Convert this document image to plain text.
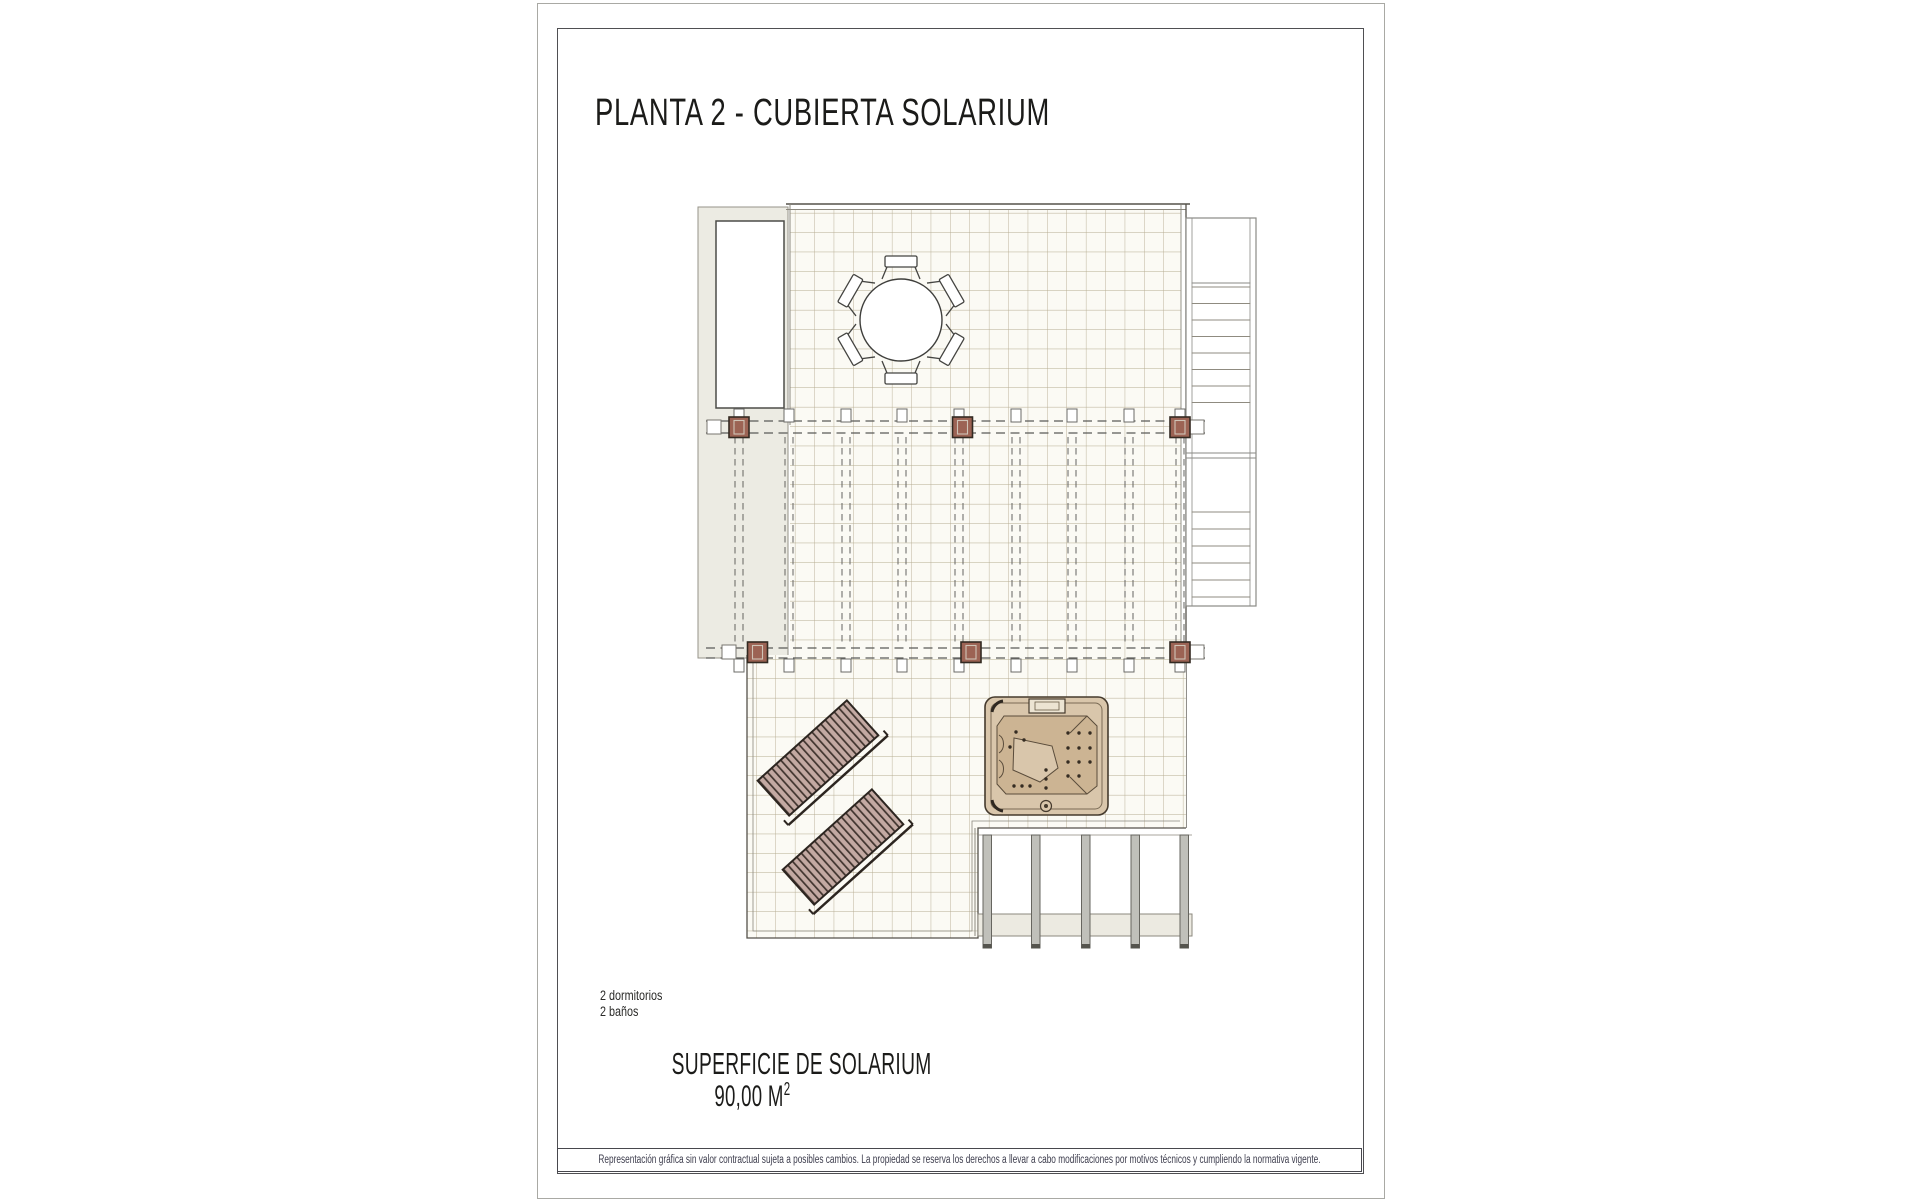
PLANTA 2 - CUBIERTA SOLARIUM
2 dormitorios
2 baños
SUPERFICIE DE SOLARIUM
90,00 $M^2$
Representación gráfica sin valor contractual sujeta a posibles cambios. La propiedad se reserva los derechos a llevar a cabo modificaciones por motivos técnicos y cumpliendo la normativa vigente.
